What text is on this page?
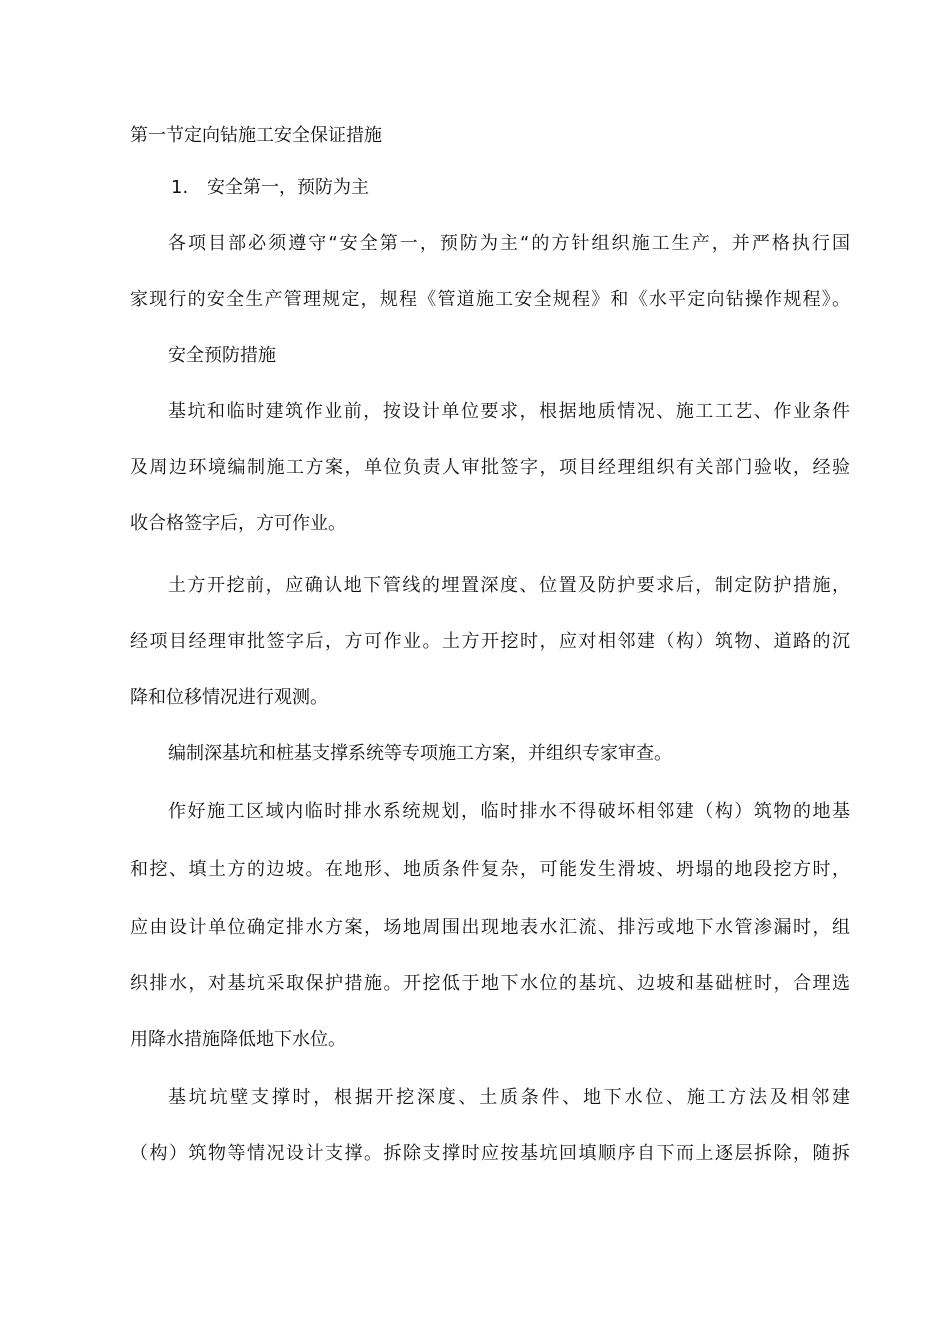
第一节定向钻施工安全保证措施
1. 安全第一，预防为主
各项目部必须遵守“安全第一，预防为主“的方针组织施工生产，并严格执行国
家现行的安全生产管理规定，规程《管道施工安全规程》和《水平定向钻操作规程》。
安全预防措施
基坑和临时建筑作业前，按设计单位要求，根据地质情况、施工工艺、作业条件
及周边环境编制施工方案，单位负责人审批签字，项目经理组织有关部门验收，经验
收合格签字后，方可作业。
土方开挖前，应确认地下管线的埋置深度、位置及防护要求后，制定防护措施，
经项目经理审批签字后，方可作业。土方开挖时，应对相邻建（构）筑物、道路的沉
降和位移情况进行观测。
编制深基坑和桩基支撑系统等专项施工方案，并组织专家审查。
作好施工区域内临时排水系统规划，临时排水不得破坏相邻建（构）筑物的地基
和挖、填土方的边坡。在地形、地质条件复杂，可能发生滑坡、坍塌的地段挖方时，
应由设计单位确定排水方案，场地周围出现地表水汇流、排污或地下水管渗漏时，组
织排水，对基坑采取保护措施。开挖低于地下水位的基坑、边坡和基础桩时，合理选
用降水措施降低地下水位。
基坑坑壁支撑时，根据开挖深度、土质条件、地下水位、施工方法及相邻建
（构）筑物等情况设计支撑。拆除支撑时应按基坑回填顺序自下而上逐层拆除，随拆
